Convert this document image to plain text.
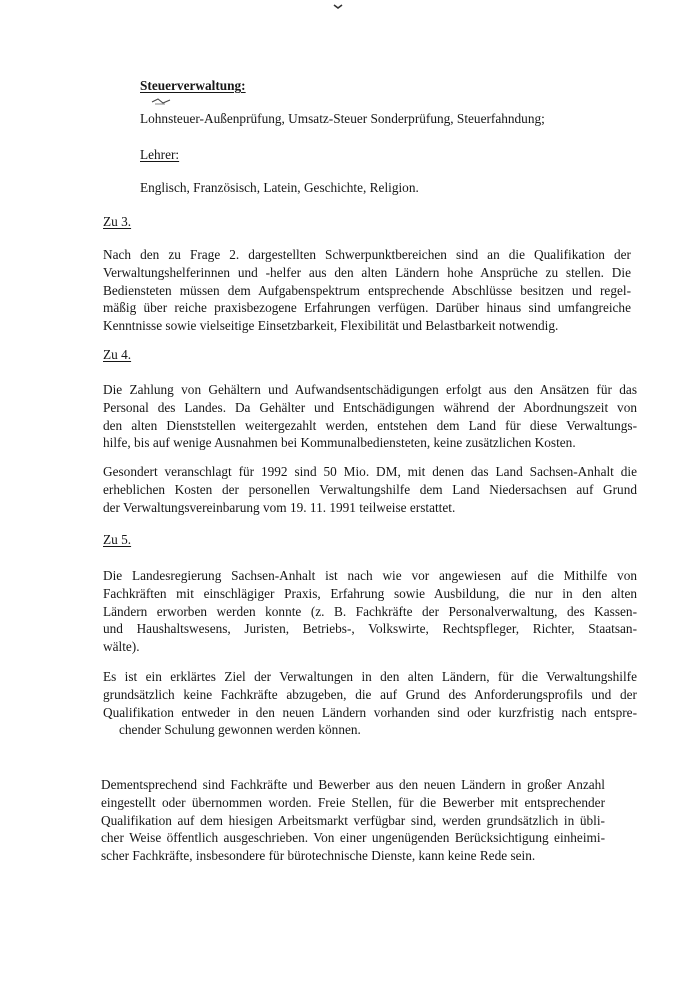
Steuerverwaltung:
Lohnsteuer-Außenprüfung, Umsatz-Steuer Sonderprüfung, Steuerfahndung;
Lehrer:
Englisch, Französisch, Latein, Geschichte, Religion.
Zu 3.
Nach den zu Frage 2. dargestellten Schwerpunktbereichen sind an die Qualifikation der
Verwaltungshelferinnen und -helfer aus den alten Ländern hohe Ansprüche zu stellen. Die
Bediensteten müssen dem Aufgabenspektrum entsprechende Abschlüsse besitzen und regel-
mäßig über reiche praxisbezogene Erfahrungen verfügen. Darüber hinaus sind umfangreiche
Kenntnisse sowie vielseitige Einsetzbarkeit, Flexibilität und Belastbarkeit notwendig.
Zu 4.
Die Zahlung von Gehältern und Aufwandsentschädigungen erfolgt aus den Ansätzen für das
Personal des Landes. Da Gehälter und Entschädigungen während der Abordnungszeit von
den alten Dienststellen weitergezahlt werden, entstehen dem Land für diese Verwaltungs-
hilfe, bis auf wenige Ausnahmen bei Kommunalbediensteten, keine zusätzlichen Kosten.
Gesondert veranschlagt für 1992 sind 50 Mio. DM, mit denen das Land Sachsen-Anhalt die
erheblichen Kosten der personellen Verwaltungshilfe dem Land Niedersachsen auf Grund
der Verwaltungsvereinbarung vom 19. 11. 1991 teilweise erstattet.
Zu 5.
Die Landesregierung Sachsen-Anhalt ist nach wie vor angewiesen auf die Mithilfe von
Fachkräften mit einschlägiger Praxis, Erfahrung sowie Ausbildung, die nur in den alten
Ländern erworben werden konnte (z. B. Fachkräfte der Personalverwaltung, des Kassen-
und Haushaltswesens, Juristen, Betriebs-, Volkswirte, Rechtspfleger, Richter, Staatsan-
wälte).
Es ist ein erklärtes Ziel der Verwaltungen in den alten Ländern, für die Verwaltungshilfe
grundsätzlich keine Fachkräfte abzugeben, die auf Grund des Anforderungsprofils und der
Qualifikation entweder in den neuen Ländern vorhanden sind oder kurzfristig nach entspre-
chender Schulung gewonnen werden können.
Dementsprechend sind Fachkräfte und Bewerber aus den neuen Ländern in großer Anzahl
eingestellt oder übernommen worden. Freie Stellen, für die Bewerber mit entsprechender
Qualifikation auf dem hiesigen Arbeitsmarkt verfügbar sind, werden grundsätzlich in übli-
cher Weise öffentlich ausgeschrieben. Von einer ungenügenden Berücksichtigung einheimi-
scher Fachkräfte, insbesondere für bürotechnische Dienste, kann keine Rede sein.
